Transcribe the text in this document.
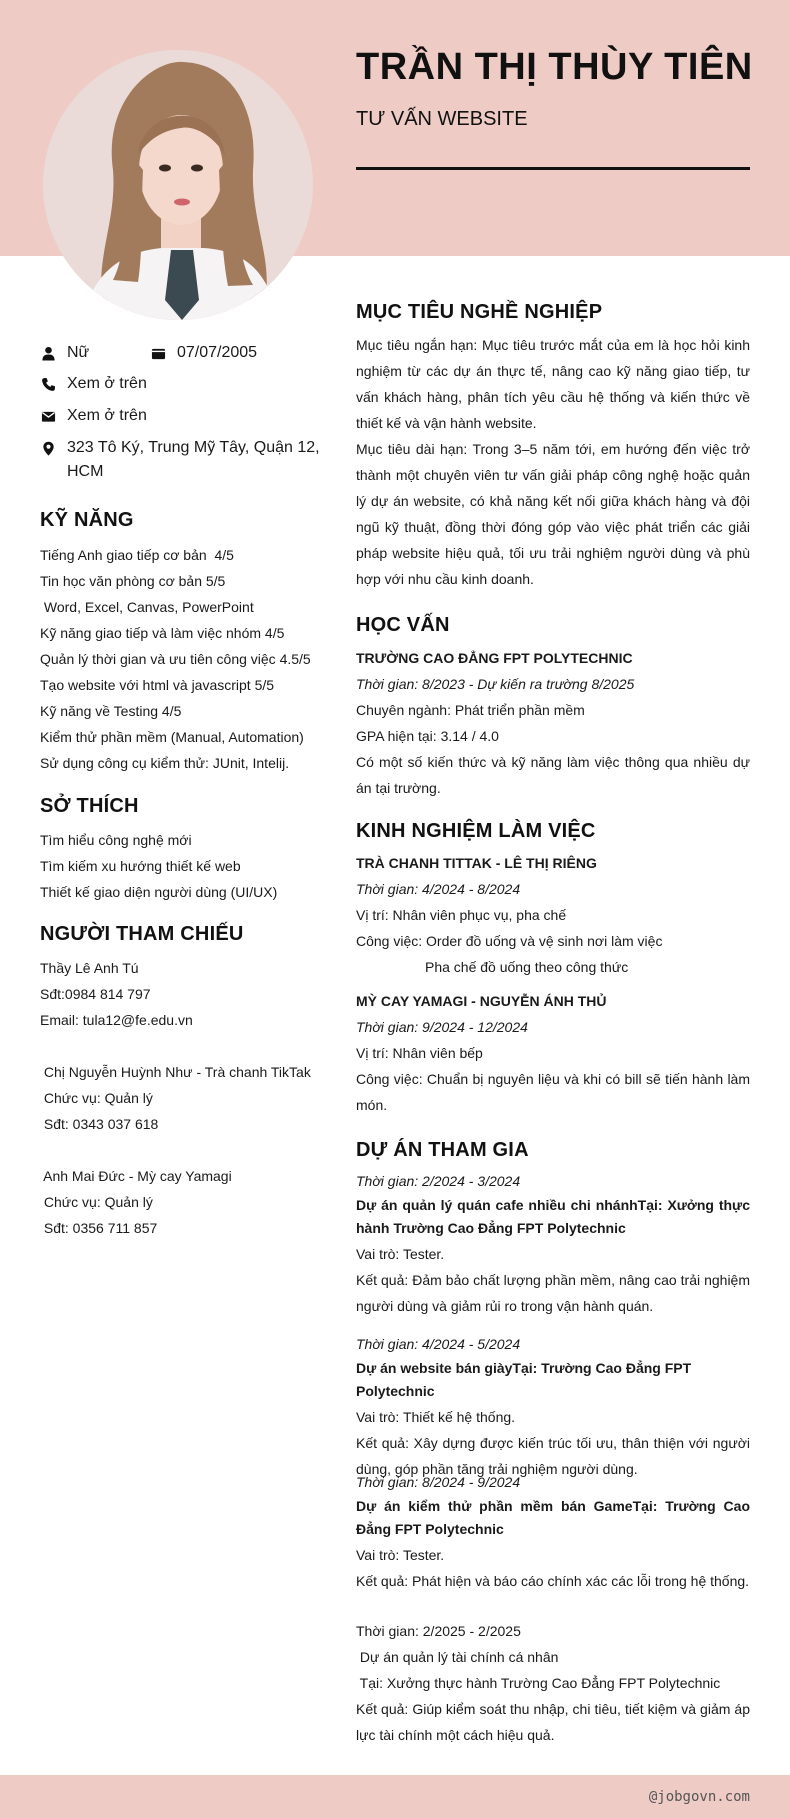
TRẦN THỊ THÙY TIÊN
TƯ VẤN WEBSITE
Nữ	07/07/2005
Xem ở trên
Xem ở trên
323 Tô Ký, Trung Mỹ Tây, Quận 12,
HCM
KỸ NĂNG
Tiếng Anh giao tiếp cơ bản  4/5
Tin học văn phòng cơ bản 5/5
Word, Excel, Canvas, PowerPoint
Kỹ năng giao tiếp và làm việc nhóm 4/5
Quản lý thời gian và ưu tiên công việc 4.5/5
Tạo website với html và javascript 5/5
Kỹ năng về Testing 4/5
Kiểm thử phần mềm (Manual, Automation)
Sử dụng công cụ kiểm thử: JUnit, Intelij.
SỞ THÍCH
Tìm hiểu công nghệ mới
Tìm kiếm xu hướng thiết kế web
Thiết kế giao diện người dùng (UI/UX)
NGƯỜI THAM CHIẾU
Thầy Lê Anh Tú
Sđt:0984 814 797
Email: tula12@fe.edu.vn

Chị Nguyễn Huỳnh Như - Trà chanh TikTak
Chức vụ: Quản lý
Sđt: 0343 037 618

Anh Mai Đức - Mỳ cay Yamagi
Chức vụ: Quản lý
Sđt: 0356 711 857
MỤC TIÊU NGHỀ NGHIỆP
Mục tiêu ngắn hạn: Mục tiêu trước mắt của em là học hỏi kinh nghiệm từ các dự án thực tế, nâng cao kỹ năng giao tiếp, tư vấn khách hàng, phân tích yêu cầu hệ thống và kiến thức về thiết kế và vận hành website.
Mục tiêu dài hạn: Trong 3–5 năm tới, em hướng đến việc trở thành một chuyên viên tư vấn giải pháp công nghệ hoặc quản lý dự án website, có khả năng kết nối giữa khách hàng và đội ngũ kỹ thuật, đồng thời đóng góp vào việc phát triển các giải pháp website hiệu quả, tối ưu trải nghiệm người dùng và phù hợp với nhu cầu kinh doanh.
HỌC VẤN
TRƯỜNG CAO ĐẲNG FPT POLYTECHNIC
Thời gian: 8/2023 - Dự kiến ra trường 8/2025
Chuyên ngành: Phát triển phần mềm
GPA hiện tại: 3.14 / 4.0
Có một số kiến thức và kỹ năng làm việc thông qua nhiều dự án tại trường.
KINH NGHIỆM LÀM VIỆC
TRÀ CHANH TITTAK - LÊ THỊ RIÊNG
Thời gian: 4/2024 - 8/2024
Vị trí: Nhân viên phục vụ, pha chế
Công việc: Order đồ uống và vệ sinh nơi làm việc
Pha chế đồ uống theo công thức
MỲ CAY YAMAGI - NGUYỄN ÁNH THỦ
Thời gian: 9/2024 - 12/2024
Vị trí: Nhân viên bếp
Công việc: Chuẩn bị nguyên liệu và khi có bill sẽ tiến hành làm món.
DỰ ÁN THAM GIA
Thời gian: 2/2024 - 3/2024
Dự án quản lý quán cafe nhiều chi nhánhTại: Xưởng thực hành Trường Cao Đẳng FPT Polytechnic
Vai trò: Tester.
Kết quả: Đảm bảo chất lượng phần mềm, nâng cao trải nghiệm người dùng và giảm rủi ro trong vận hành quán.
Thời gian: 4/2024 - 5/2024
Dự án website bán giàyTại: Trường Cao Đẳng FPT Polytechnic
Vai trò: Thiết kế hệ thống.
Kết quả: Xây dựng được kiến trúc tối ưu, thân thiện với người dùng, góp phần tăng trải nghiệm người dùng.
Thời gian: 8/2024 - 9/2024
Dự án kiểm thử phần mềm bán GameTại: Trường Cao Đẳng FPT Polytechnic
Vai trò: Tester.
Kết quả: Phát hiện và báo cáo chính xác các lỗi trong hệ thống.
Thời gian: 2/2025 - 2/2025
Dự án quản lý tài chính cá nhân
Tại: Xưởng thực hành Trường Cao Đẳng FPT Polytechnic
Kết quả: Giúp kiểm soát thu nhập, chi tiêu, tiết kiệm và giảm áp lực tài chính một cách hiệu quả.
@jobgovn.com
